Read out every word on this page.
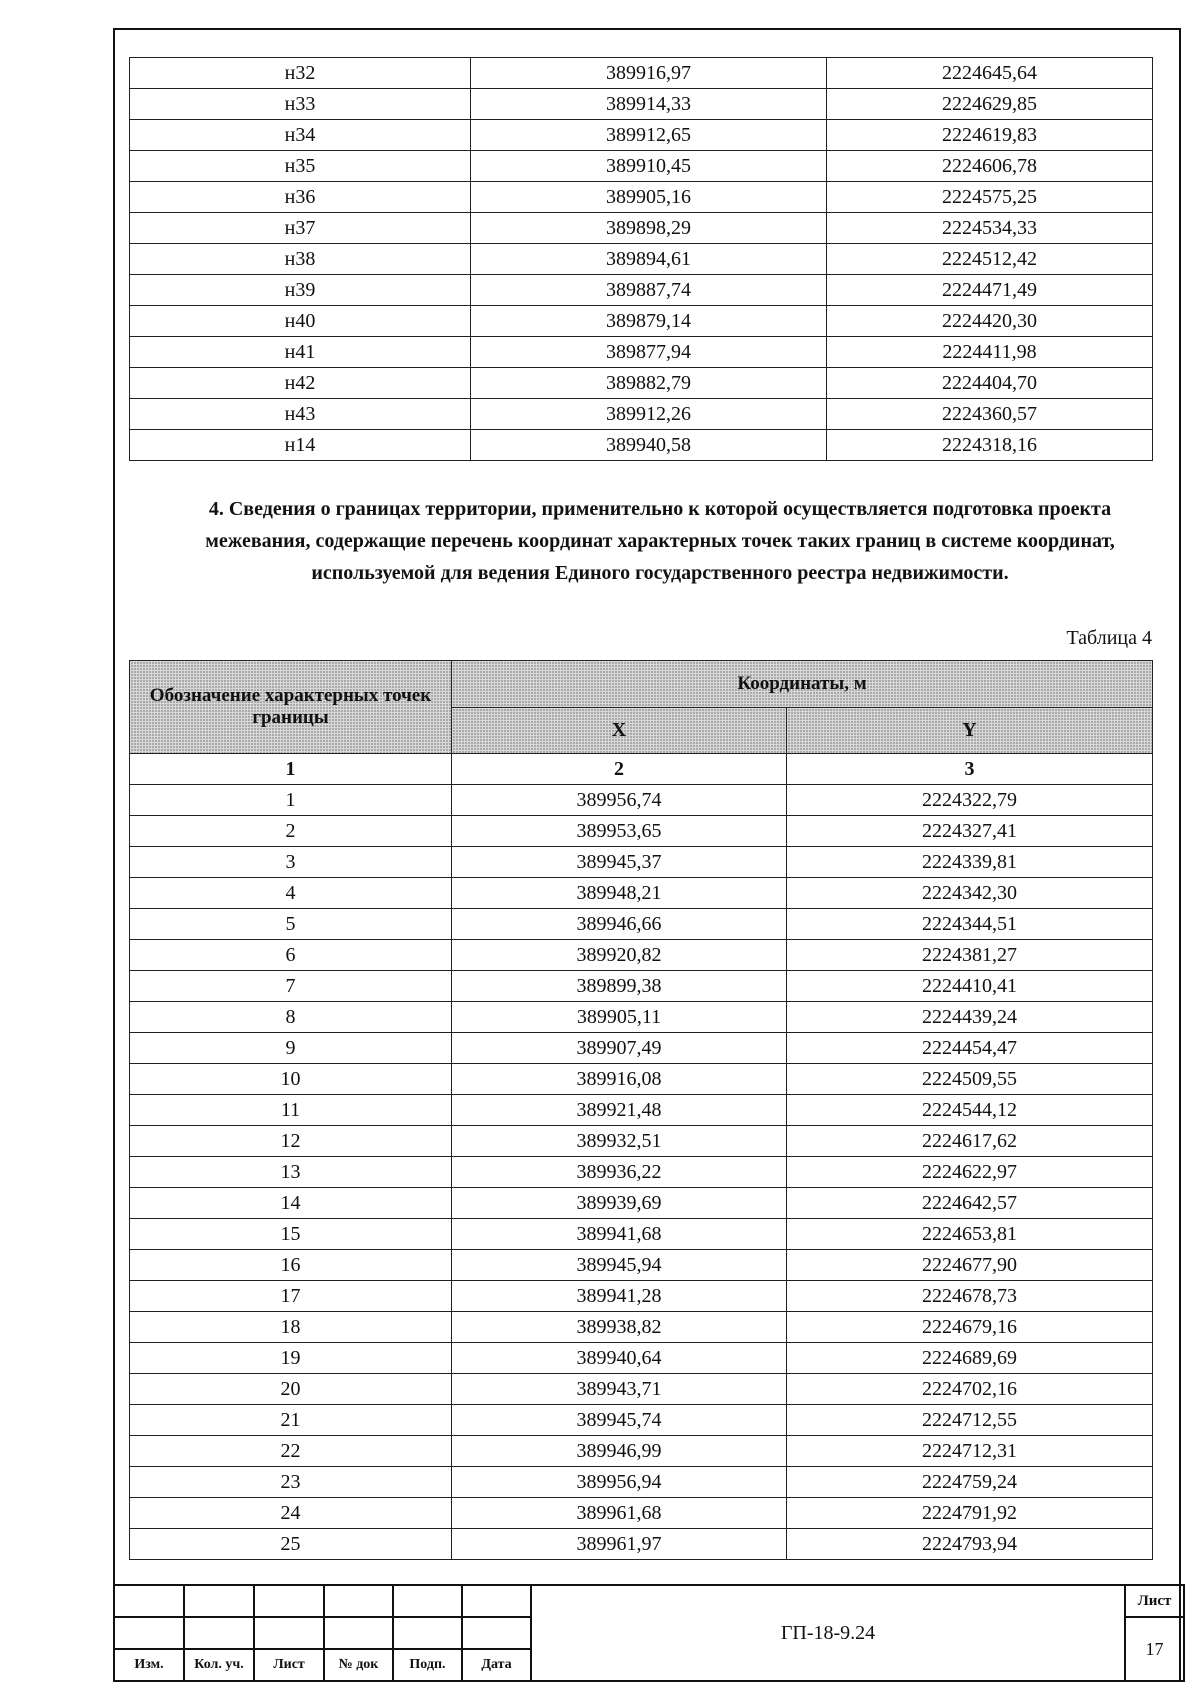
н32	389916,97	2224645,64
н33	389914,33	2224629,85
н34	389912,65	2224619,83
н35	389910,45	2224606,78
н36	389905,16	2224575,25
н37	389898,29	2224534,33
н38	389894,61	2224512,42
н39	389887,74	2224471,49
н40	389879,14	2224420,30
н41	389877,94	2224411,98
н42	389882,79	2224404,70
н43	389912,26	2224360,57
н14	389940,58	2224318,16
4. Сведения о границах территории, применительно к которой осуществляется подготовка проекта межевания, содержащие перечень координат характерных точек таких границ в системе координат, используемой для ведения Единого государственного реестра недвижимости.
Таблица 4
Обозначение характерных точек границы	Координаты, м	
	X	Y
1	2	3
1	389956,74	2224322,79
2	389953,65	2224327,41
3	389945,37	2224339,81
4	389948,21	2224342,30
5	389946,66	2224344,51
6	389920,82	2224381,27
7	389899,38	2224410,41
8	389905,11	2224439,24
9	389907,49	2224454,47
10	389916,08	2224509,55
11	389921,48	2224544,12
12	389932,51	2224617,62
13	389936,22	2224622,97
14	389939,69	2224642,57
15	389941,68	2224653,81
16	389945,94	2224677,90
17	389941,28	2224678,73
18	389938,82	2224679,16
19	389940,64	2224689,69
20	389943,71	2224702,16
21	389945,74	2224712,55
22	389946,99	2224712,31
23	389956,94	2224759,24
24	389961,68	2224791,92
25	389961,97	2224793,94
						ГП-18-9.24	Лист
							17
Изм.	Кол. уч.	Лист	№ док	Подп.	Дата		
